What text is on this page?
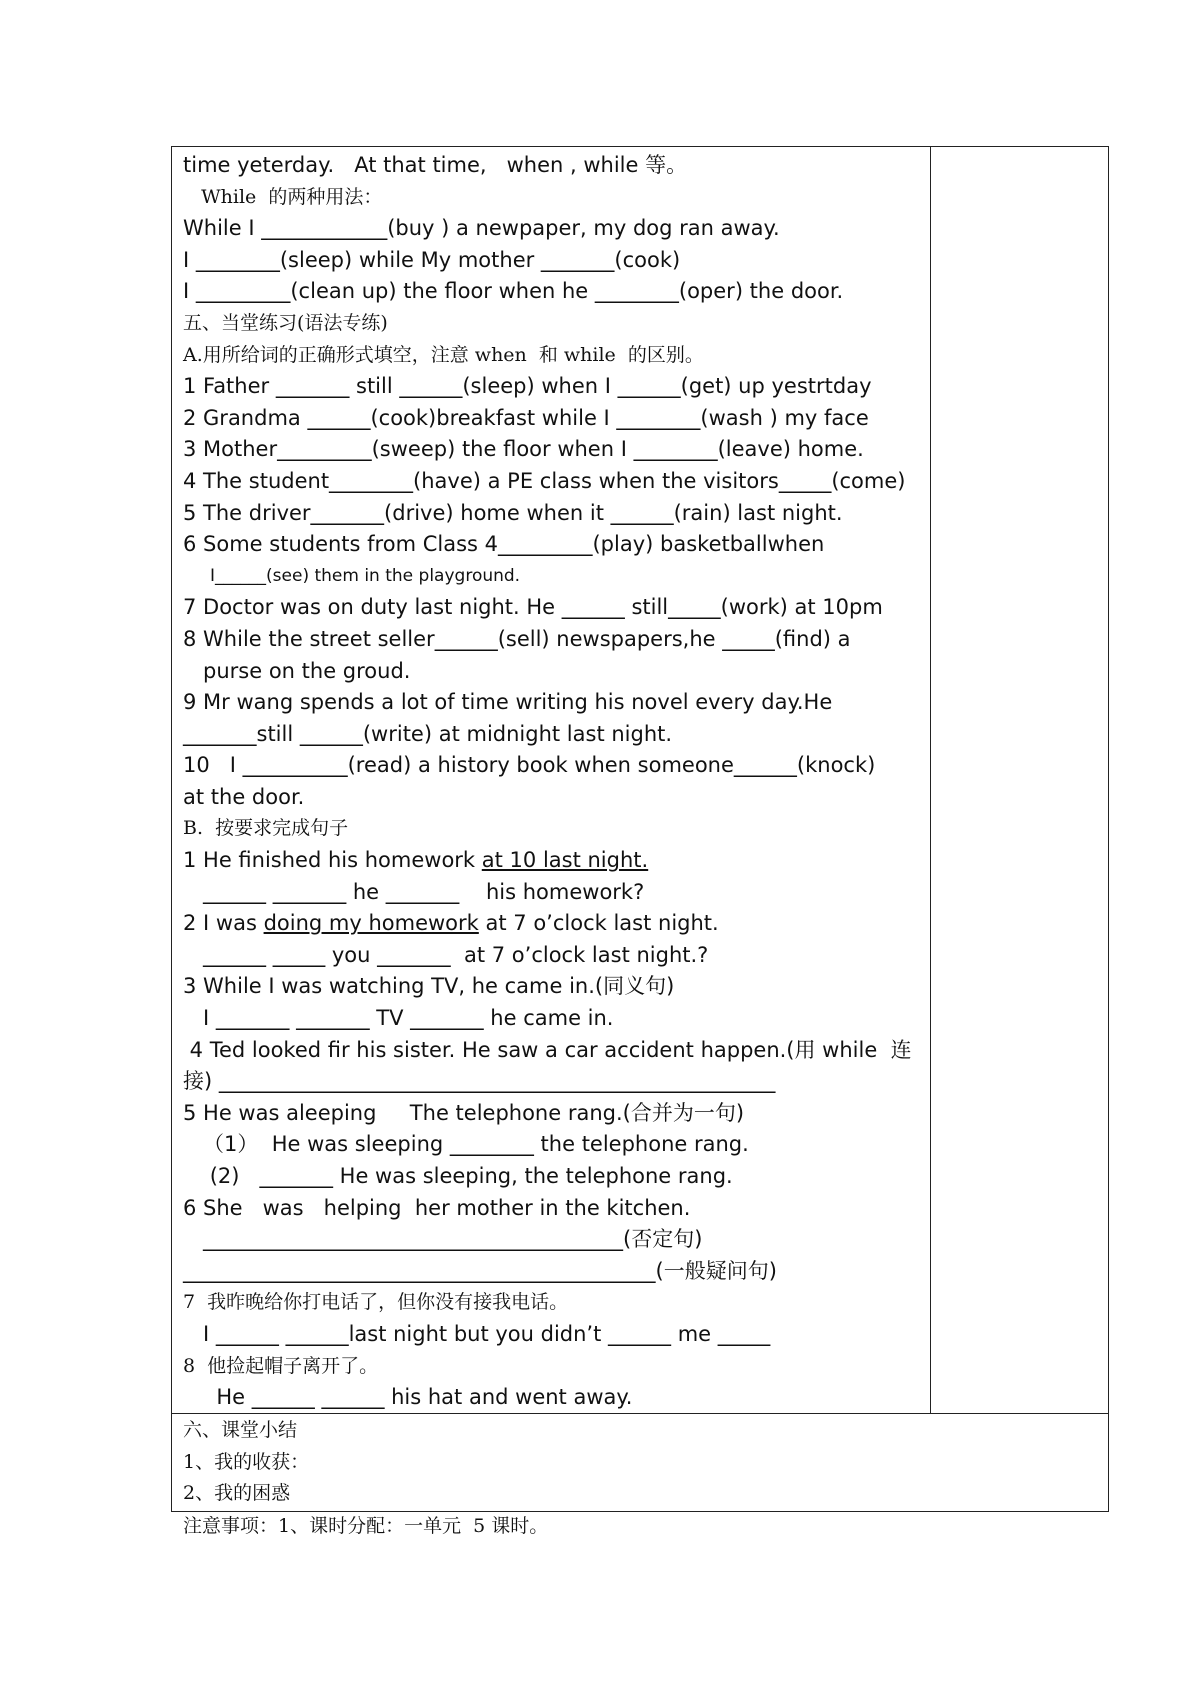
time yeterday.   At that time,   when , while 等。
While  的两种用法：
While I ____________(buy ) a newpaper, my dog ran away.
I ________(sleep) while My mother _______(cook)
I _________(clean up) the floor when he ________(oper) the door.
五、当堂练习(语法专练)
A.用所给词的正确形式填空，注意 when  和 while  的区别。
1 Father _______ still ______(sleep) when I ______(get) up yestrtday
2 Grandma ______(cook)breakfast while I ________(wash ) my face
3 Mother_________(sweep) the floor when I ________(leave) home.
4 The student________(have) a PE class when the visitors_____(come)
5 The driver_______(drive) home when it ______(rain) last night.
6 Some students from Class 4_________(play) basketballwhen
I______(see) them in the playground.
7 Doctor was on duty last night. He ______ still_____(work) at 10pm
8 While the street seller______(sell) newspapers,he _____(find) a
purse on the groud.
9 Mr wang spends a lot of time writing his novel every day.He
_______still ______(write) at midnight last night.
10   I __________(read) a history book when someone______(knock)
at the door.
B.  按要求完成句子
1 He finished his homework at 10 last night.
______ _______ he _______    his homework?
2 I was doing my homework at 7 o’clock last night.
______ _____ you _______  at 7 o’clock last night.?
3 While I was watching TV, he came in.(同义句)
I _______ _______ TV _______ he came in.
4 Ted looked fir his sister. He saw a car accident happen.(用 while  连
接) _____________________________________________________
5 He was aleeping     The telephone rang.(合并为一句)
（1）  He was sleeping ________ the telephone rang.
(2)   _______ He was sleeping, the telephone rang.
6 She   was   helping  her mother in the kitchen.
________________________________________(否定句)
_____________________________________________(一般疑问句)
7  我昨晚给你打电话了，但你没有接我电话。
I ______ ______last night but you didn’t ______ me _____
8  他捡起帽子离开了。
He ______ ______ his hat and went away.
六、课堂小结
1、我的收获：
2、我的困惑
注意事项：1、课时分配：一单元  5 课时。
